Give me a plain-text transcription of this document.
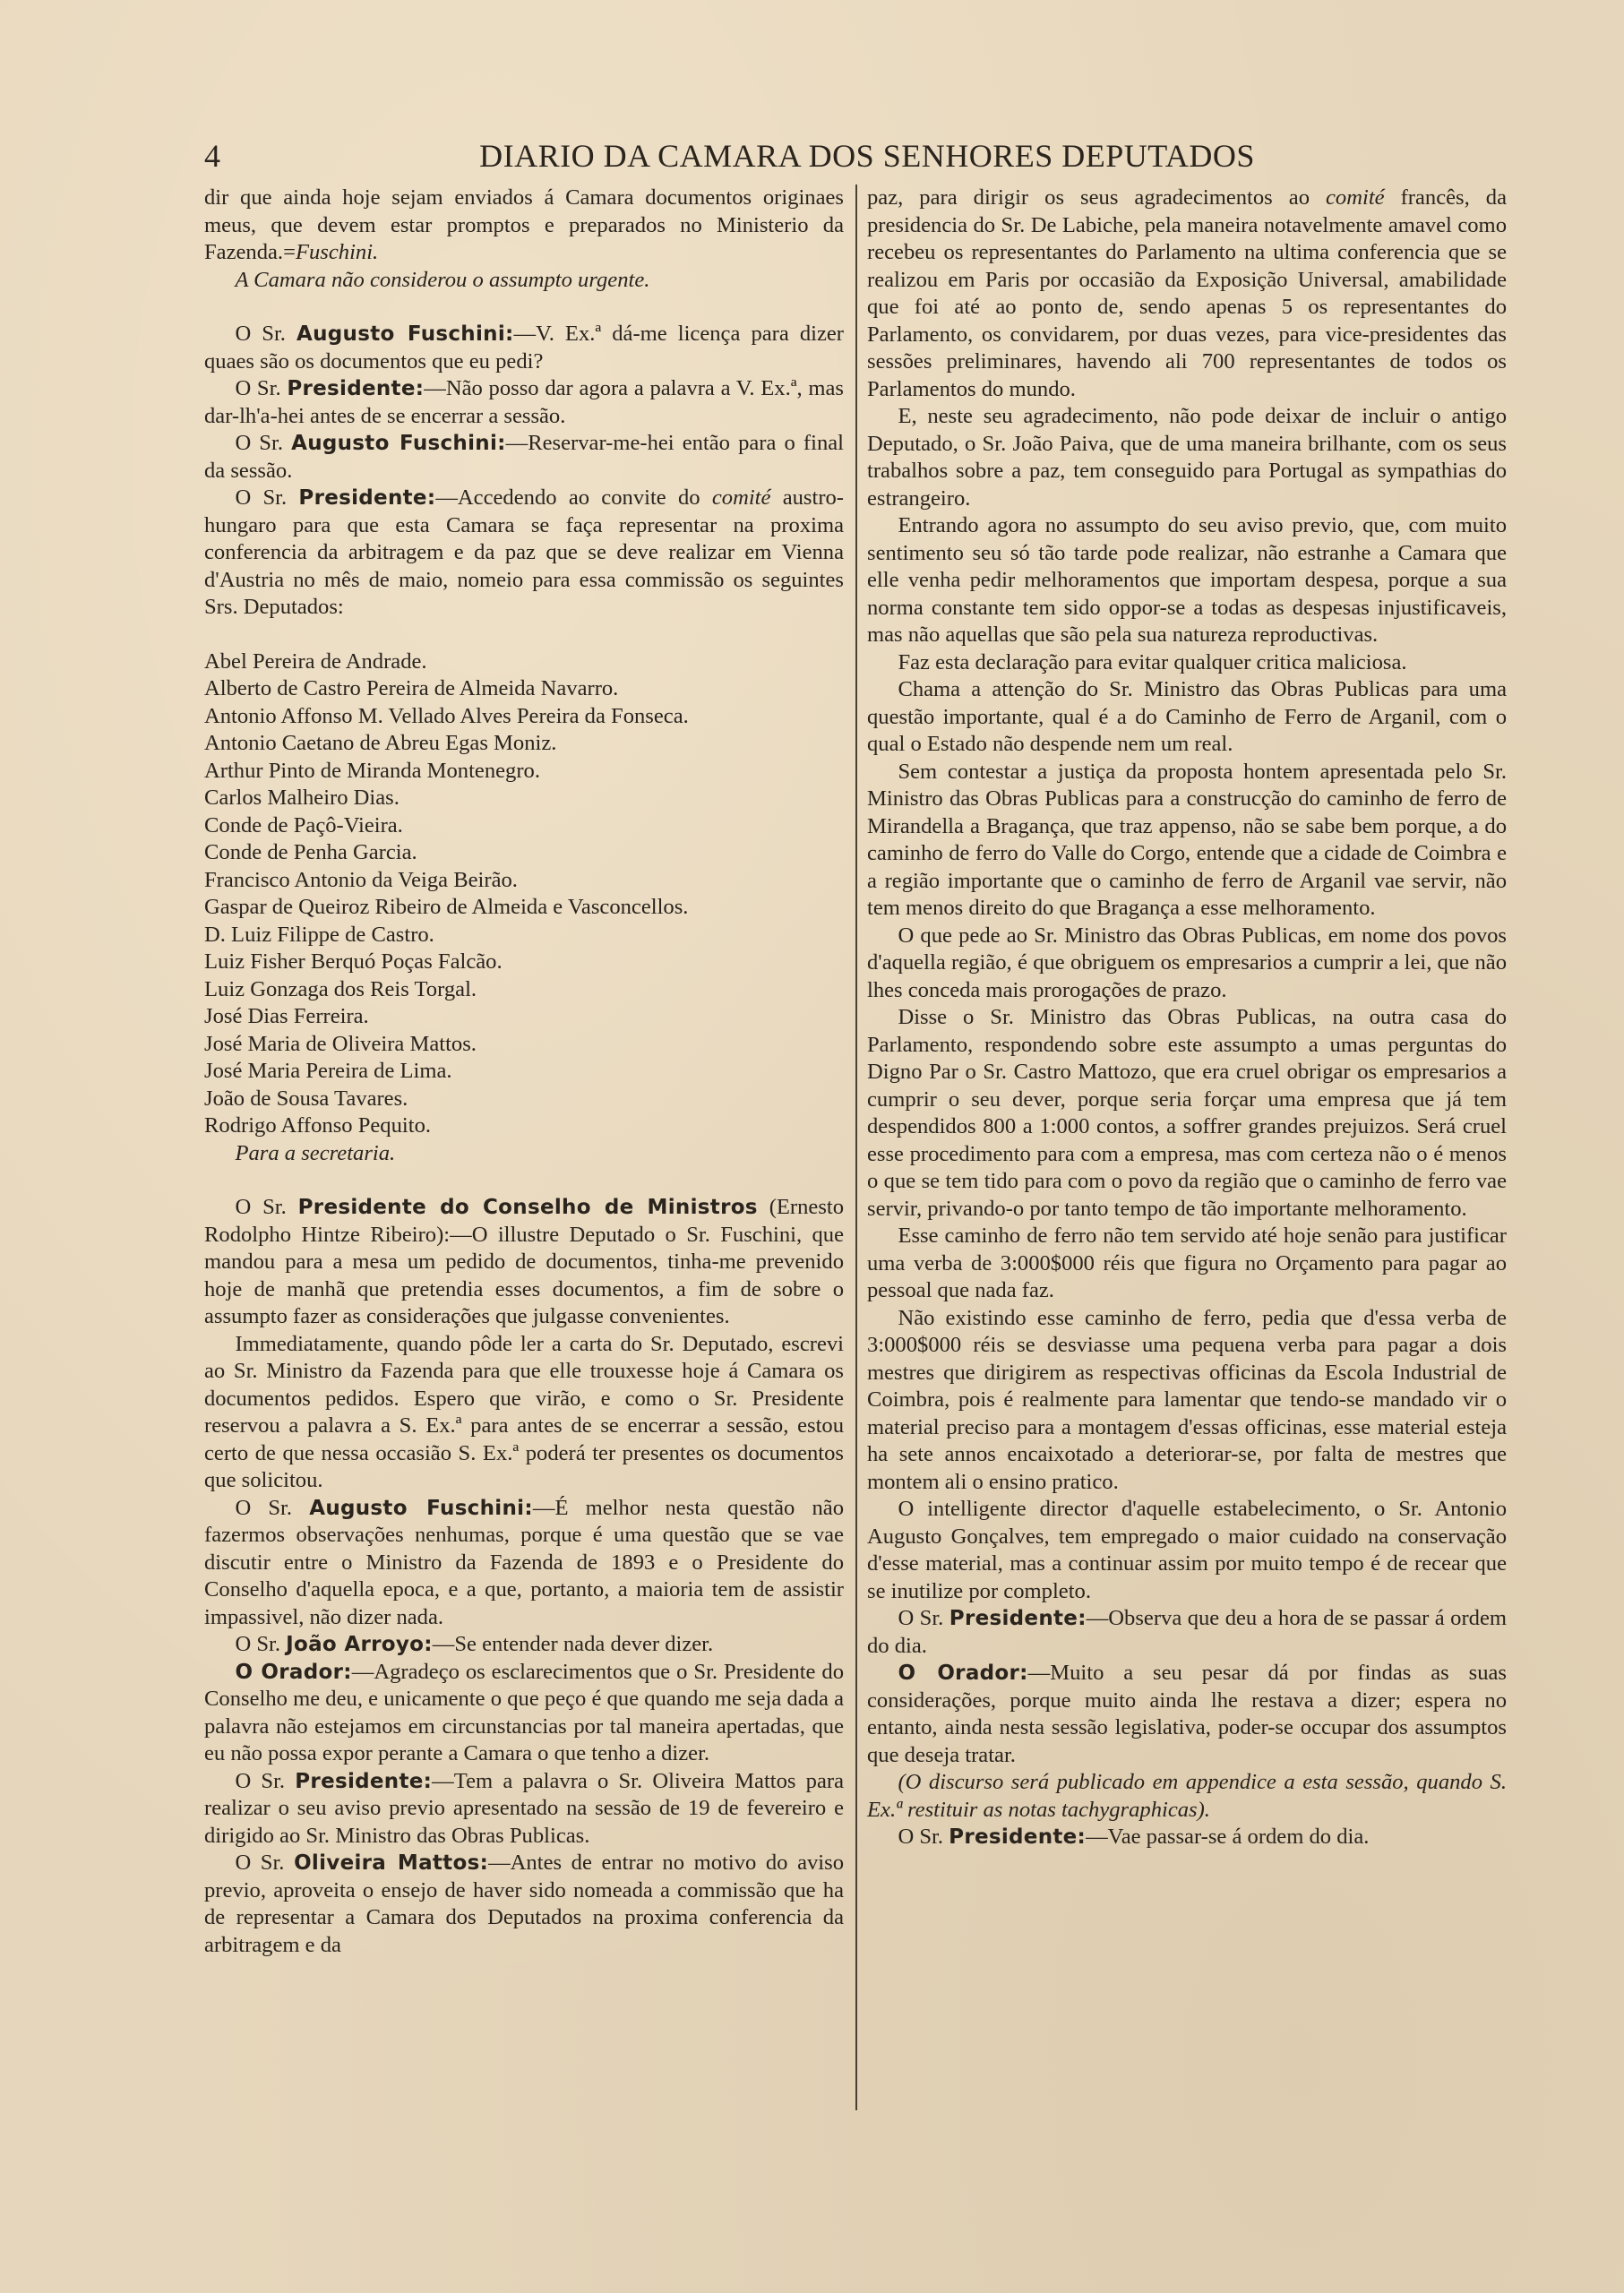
4	DIARIO DA CAMARA DOS SENHORES DEPUTADOS

dir que ainda hoje sejam enviados á Camara documentos originaes meus, que devem estar promptos e preparados no Ministerio da Fazenda.=Fuschini.

A Camara não considerou o assumpto urgente.

O Sr. Augusto Fuschini:—V. Ex.ª dá-me licença para dizer quaes são os documentos que eu pedi?

O Sr. Presidente:—Não posso dar agora a palavra a V. Ex.ª, mas dar-lh'a-hei antes de se encerrar a sessão.

O Sr. Augusto Fuschini:—Reservar-me-hei então para o final da sessão.

O Sr. Presidente:—Accedendo ao convite do comité austro-hungaro para que esta Camara se faça representar na proxima conferencia da arbitragem e da paz que se deve realizar em Vienna d'Austria no mês de maio, nomeio para essa commissão os seguintes Srs. Deputados:

Abel Pereira de Andrade.
Alberto de Castro Pereira de Almeida Navarro.
Antonio Affonso M. Vellado Alves Pereira da Fonseca.
Antonio Caetano de Abreu Egas Moniz.
Arthur Pinto de Miranda Montenegro.
Carlos Malheiro Dias.
Conde de Paçô-Vieira.
Conde de Penha Garcia.
Francisco Antonio da Veiga Beirão.
Gaspar de Queiroz Ribeiro de Almeida e Vasconcellos.
D. Luiz Filippe de Castro.
Luiz Fisher Berquó Poças Falcão.
Luiz Gonzaga dos Reis Torgal.
José Dias Ferreira.
José Maria de Oliveira Mattos.
José Maria Pereira de Lima.
João de Sousa Tavares.
Rodrigo Affonso Pequito.

Para a secretaria.

O Sr. Presidente do Conselho de Ministros (Ernesto Rodolpho Hintze Ribeiro):—O illustre Deputado o Sr. Fuschini, que mandou para a mesa um pedido de documentos, tinha-me prevenido hoje de manhã que pretendia esses documentos, a fim de sobre o assumpto fazer as considerações que julgasse convenientes.

Immediatamente, quando pôde ler a carta do Sr. Deputado, escrevi ao Sr. Ministro da Fazenda para que elle trouxesse hoje á Camara os documentos pedidos. Espero que virão, e como o Sr. Presidente reservou a palavra a S. Ex.ª para antes de se encerrar a sessão, estou certo de que nessa occasião S. Ex.ª poderá ter presentes os documentos que solicitou.

O Sr. Augusto Fuschini:—É melhor nesta questão não fazermos observações nenhumas, porque é uma questão que se vae discutir entre o Ministro da Fazenda de 1893 e o Presidente do Conselho d'aquella epoca, e a que, portanto, a maioria tem de assistir impassivel, não dizer nada.

O Sr. João Arroyo:—Se entender nada dever dizer.

O Orador:—Agradeço os esclarecimentos que o Sr. Presidente do Conselho me deu, e unicamente o que peço é que quando me seja dada a palavra não estejamos em circunstancias por tal maneira apertadas, que eu não possa expor perante a Camara o que tenho a dizer.

O Sr. Presidente:—Tem a palavra o Sr. Oliveira Mattos para realizar o seu aviso previo apresentado na sessão de 19 de fevereiro e dirigido ao Sr. Ministro das Obras Publicas.

O Sr. Oliveira Mattos:—Antes de entrar no motivo do aviso previo, aproveita o ensejo de haver sido nomeada a commissão que ha de representar a Camara dos Deputados na proxima conferencia da arbitragem e da

paz, para dirigir os seus agradecimentos ao comité francês, da presidencia do Sr. De Labiche, pela maneira notavelmente amavel como recebeu os representantes do Parlamento na ultima conferencia que se realizou em Paris por occasião da Exposição Universal, amabilidade que foi até ao ponto de, sendo apenas 5 os representantes do Parlamento, os convidarem, por duas vezes, para vice-presidentes das sessões preliminares, havendo ali 700 representantes de todos os Parlamentos do mundo.

E, neste seu agradecimento, não pode deixar de incluir o antigo Deputado, o Sr. João Paiva, que de uma maneira brilhante, com os seus trabalhos sobre a paz, tem conseguido para Portugal as sympathias do estrangeiro.

Entrando agora no assumpto do seu aviso previo, que, com muito sentimento seu só tão tarde pode realizar, não estranhe a Camara que elle venha pedir melhoramentos que importam despesa, porque a sua norma constante tem sido oppor-se a todas as despesas injustificaveis, mas não aquellas que são pela sua natureza reproductivas.

Faz esta declaração para evitar qualquer critica maliciosa.

Chama a attenção do Sr. Ministro das Obras Publicas para uma questão importante, qual é a do Caminho de Ferro de Arganil, com o qual o Estado não despende nem um real.

Sem contestar a justiça da proposta hontem apresentada pelo Sr. Ministro das Obras Publicas para a construcção do caminho de ferro de Mirandella a Bragança, que traz appenso, não se sabe bem porque, a do caminho de ferro do Valle do Corgo, entende que a cidade de Coimbra e a região importante que o caminho de ferro de Arganil vae servir, não tem menos direito do que Bragança a esse melhoramento.

O que pede ao Sr. Ministro das Obras Publicas, em nome dos povos d'aquella região, é que obriguem os empresarios a cumprir a lei, que não lhes conceda mais prorogações de prazo.

Disse o Sr. Ministro das Obras Publicas, na outra casa do Parlamento, respondendo sobre este assumpto a umas perguntas do Digno Par o Sr. Castro Mattozo, que era cruel obrigar os empresarios a cumprir o seu dever, porque seria forçar uma empresa que já tem despendidos 800 a 1:000 contos, a soffrer grandes prejuizos. Será cruel esse procedimento para com a empresa, mas com certeza não o é menos o que se tem tido para com o povo da região que o caminho de ferro vae servir, privando-o por tanto tempo de tão importante melhoramento.

Esse caminho de ferro não tem servido até hoje senão para justificar uma verba de 3:000$000 réis que figura no Orçamento para pagar ao pessoal que nada faz.

Não existindo esse caminho de ferro, pedia que d'essa verba de 3:000$000 réis se desviasse uma pequena verba para pagar a dois mestres que dirigirem as respectivas officinas da Escola Industrial de Coimbra, pois é realmente para lamentar que tendo-se mandado vir o material preciso para a montagem d'essas officinas, esse material esteja ha sete annos encaixotado a deteriorar-se, por falta de mestres que montem ali o ensino pratico.

O intelligente director d'aquelle estabelecimento, o Sr. Antonio Augusto Gonçalves, tem empregado o maior cuidado na conservação d'esse material, mas a continuar assim por muito tempo é de recear que se inutilize por completo.

O Sr. Presidente:—Observa que deu a hora de se passar á ordem do dia.

O Orador:—Muito a seu pesar dá por findas as suas considerações, porque muito ainda lhe restava a dizer; espera no entanto, ainda nesta sessão legislativa, poder-se occupar dos assumptos que deseja tratar.

(O discurso será publicado em appendice a esta sessão, quando S. Ex.ª restituir as notas tachygraphicas).

O Sr. Presidente:—Vae passar-se á ordem do dia.
